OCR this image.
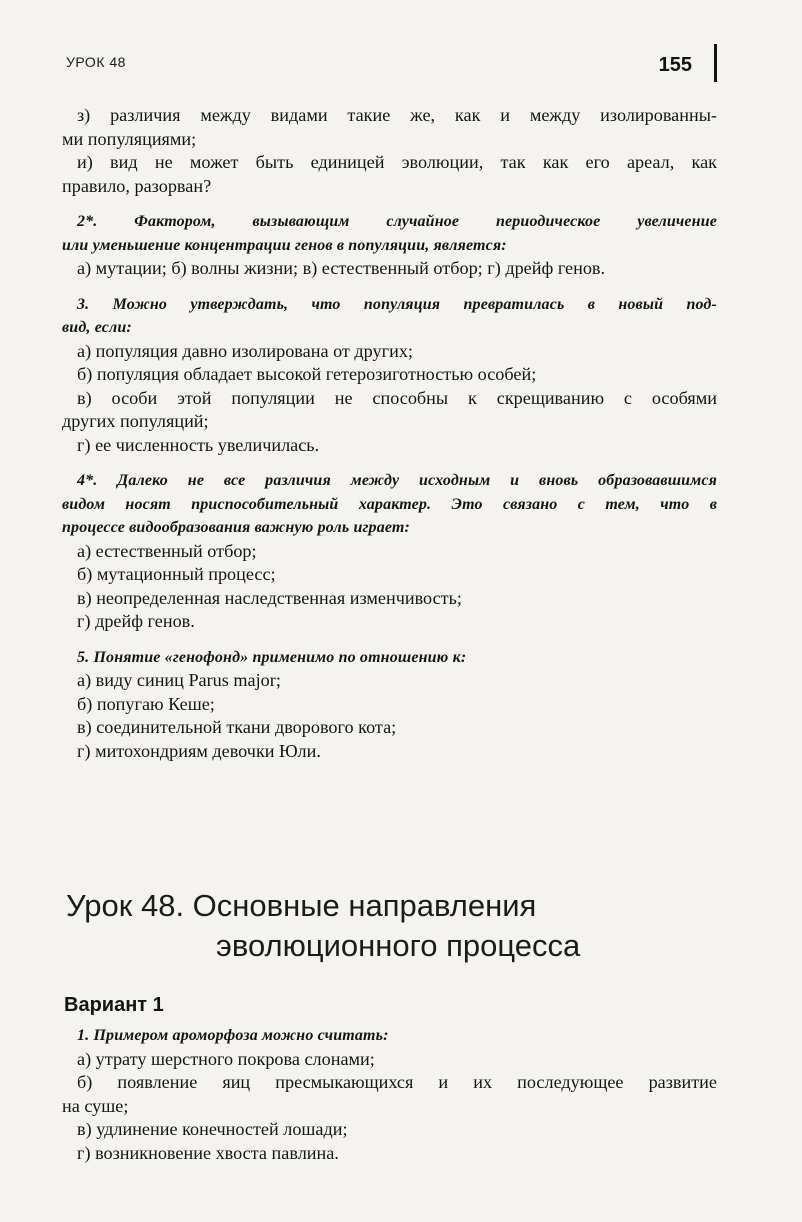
УРОК 48	155
з) различия между видами такие же, как и между изолированны-
ми популяциями;
и) вид не может быть единицей эволюции, так как его ареал, как
правило, разорван?
2*. Фактором, вызывающим случайное периодическое увеличение
или уменьшение концентрации генов в популяции, является:
а) мутации; б) волны жизни; в) естественный отбор; г) дрейф генов.
3. Можно утверждать, что популяция превратилась в новый под-
вид, если:
а) популяция давно изолирована от других;
б) популяция обладает высокой гетерозиготностью особей;
в) особи этой популяции не способны к скрещиванию с особями
других популяций;
г) ее численность увеличилась.
4*. Далеко не все различия между исходным и вновь образовавшимся
видом носят приспособительный характер. Это связано с тем, что в
процессе видообразования важную роль играет:
а) естественный отбор;
б) мутационный процесс;
в) неопределенная наследственная изменчивость;
г) дрейф генов.
5. Понятие «генофонд» применимо по отношению к:
а) виду синиц Parus major;
б) попугаю Кеше;
в) соединительной ткани дворового кота;
г) митохондриям девочки Юли.
Урок 48. Основные направления
эволюционного процесса
Вариант 1
1. Примером ароморфоза можно считать:
а) утрату шерстного покрова слонами;
б) появление яиц пресмыкающихся и их последующее развитие
на суше;
в) удлинение конечностей лошади;
г) возникновение хвоста павлина.
